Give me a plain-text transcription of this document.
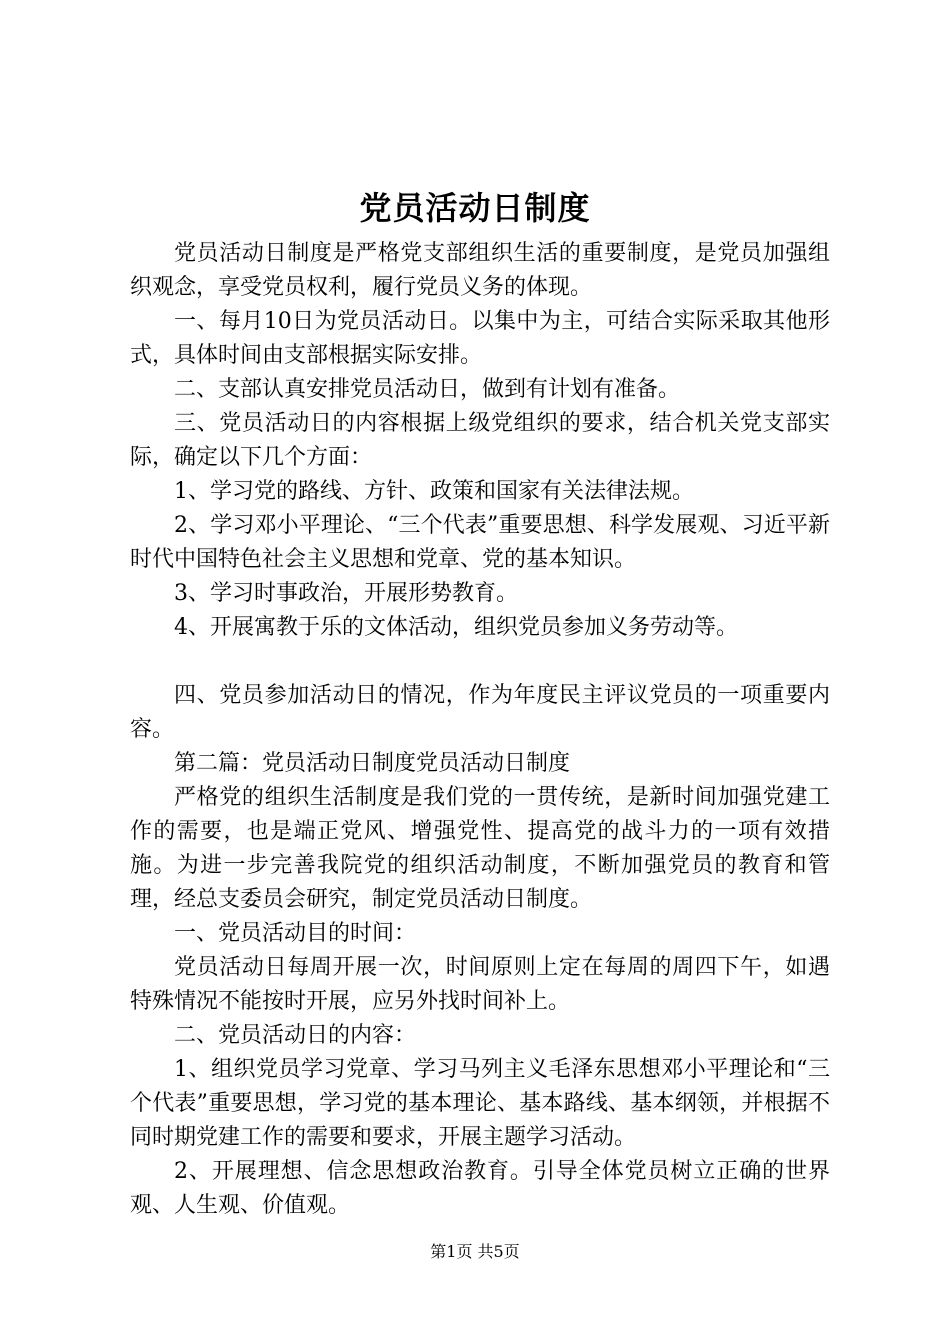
党员活动日制度

党员活动日制度是严格党支部组织生活的重要制度，是党员加强组织观念，享受党员权利，履行党员义务的体现。

一、每月10日为党员活动日。以集中为主，可结合实际采取其他形式，具体时间由支部根据实际安排。

二、支部认真安排党员活动日，做到有计划有准备。

三、党员活动日的内容根据上级党组织的要求，结合机关党支部实际，确定以下几个方面：

1、学习党的路线、方针、政策和国家有关法律法规。

2、学习邓小平理论、“三个代表”重要思想、科学发展观、习近平新时代中国特色社会主义思想和党章、党的基本知识。

3、学习时事政治，开展形势教育。

4、开展寓教于乐的文体活动，组织党员参加义务劳动等。

四、党员参加活动日的情况，作为年度民主评议党员的一项重要内容。

第二篇：党员活动日制度党员活动日制度

严格党的组织生活制度是我们党的一贯传统，是新时间加强党建工作的需要，也是端正党风、增强党性、提高党的战斗力的一项有效措施。为进一步完善我院党的组织活动制度，不断加强党员的教育和管理，经总支委员会研究，制定党员活动日制度。

一、党员活动目的时间：

党员活动日每周开展一次，时间原则上定在每周的周四下午，如遇特殊情况不能按时开展，应另外找时间补上。

二、党员活动日的内容：

1、组织党员学习党章、学习马列主义毛泽东思想邓小平理论和“三个代表”重要思想，学习党的基本理论、基本路线、基本纲领，并根据不同时期党建工作的需要和要求，开展主题学习活动。

2、开展理想、信念思想政治教育。引导全体党员树立正确的世界观、人生观、价值观。

第1页 共5页
